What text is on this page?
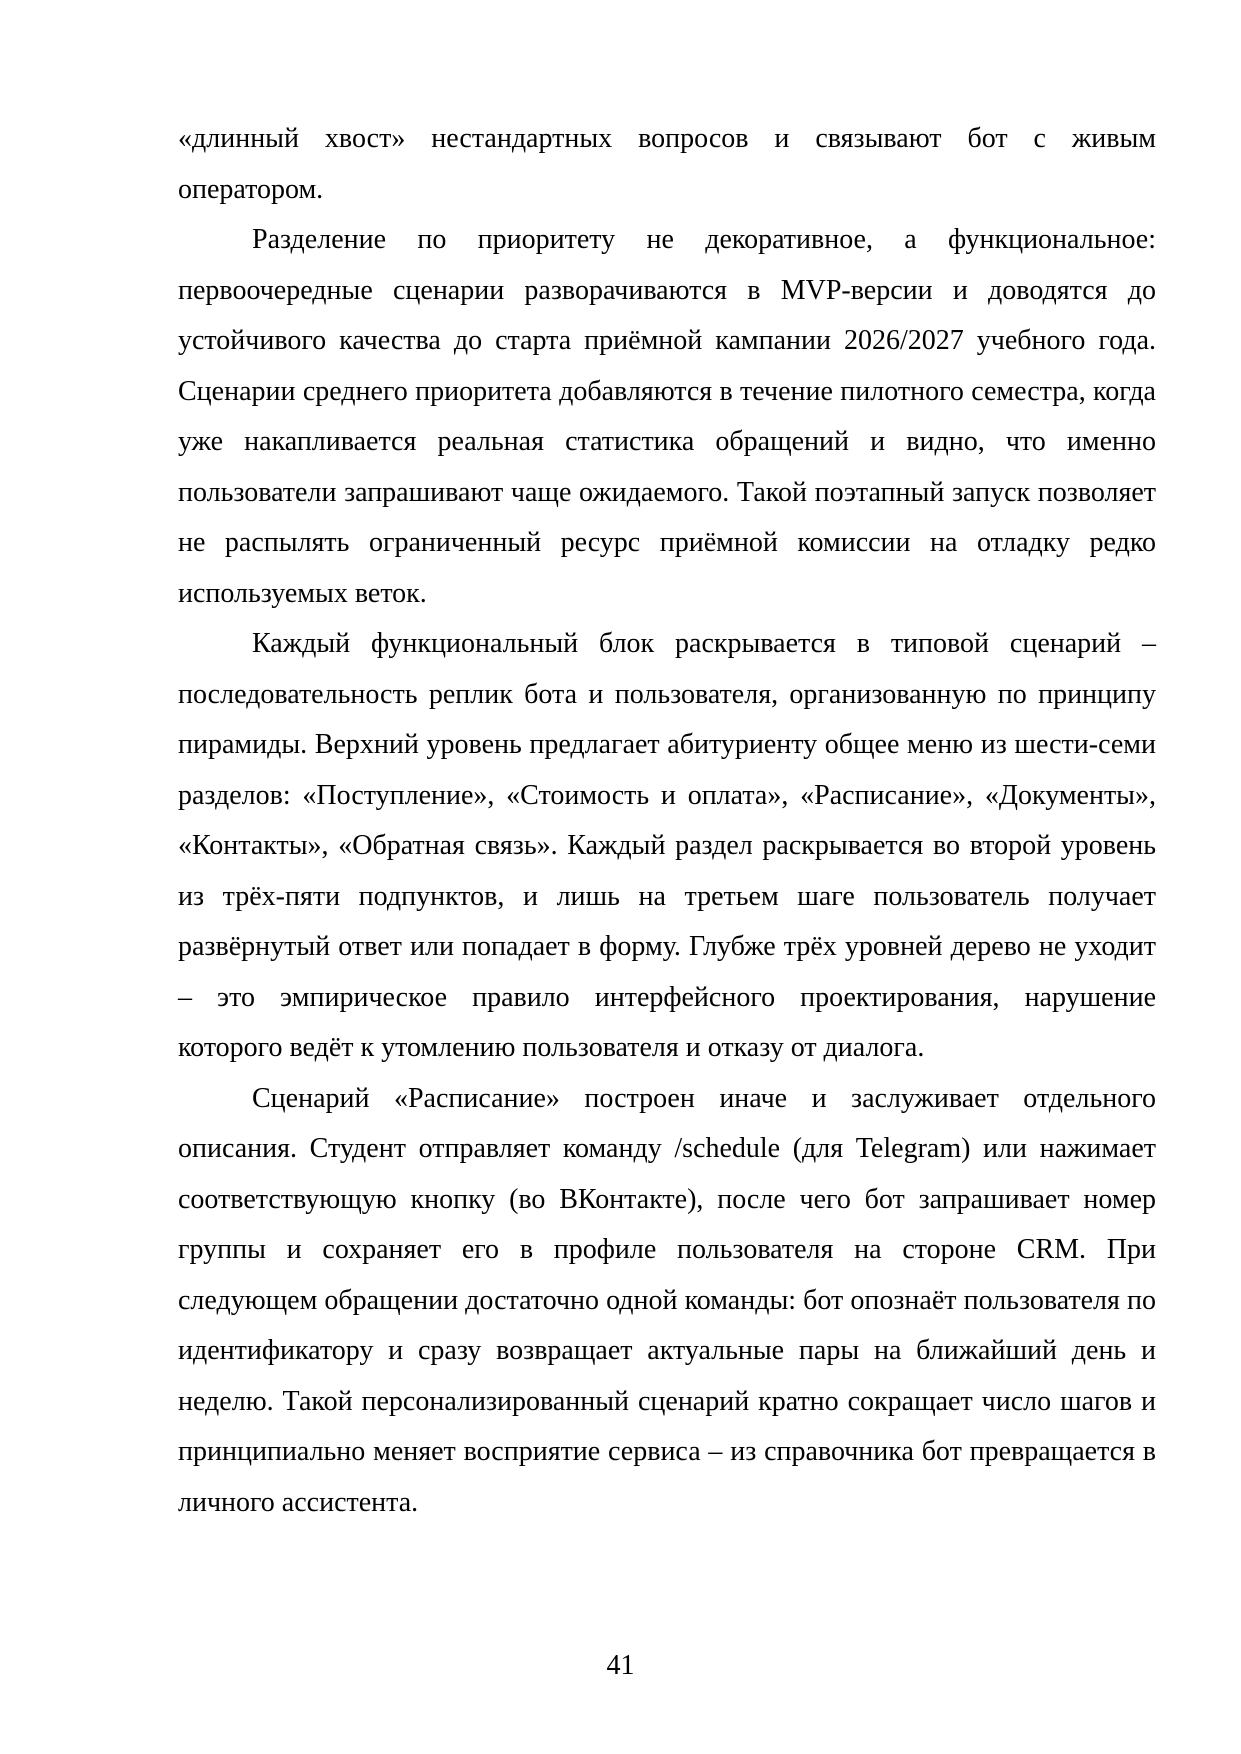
«длинный хвост» нестандартных вопросов и связывают бот с живым оператором.

Разделение по приоритету не декоративное, а функциональное: первоочередные сценарии разворачиваются в MVP-версии и доводятся до устойчивого качества до старта приёмной кампании 2026/2027 учебного года. Сценарии среднего приоритета добавляются в течение пилотного семестра, когда уже накапливается реальная статистика обращений и видно, что именно пользователи запрашивают чаще ожидаемого. Такой поэтапный запуск позволяет не распылять ограниченный ресурс приёмной комиссии на отладку редко используемых веток.

Каждый функциональный блок раскрывается в типовой сценарий – последовательность реплик бота и пользователя, организованную по принципу пирамиды. Верхний уровень предлагает абитуриенту общее меню из шести-семи разделов: «Поступление», «Стоимость и оплата», «Расписание», «Документы», «Контакты», «Обратная связь». Каждый раздел раскрывается во второй уровень из трёх-пяти подпунктов, и лишь на третьем шаге пользователь получает развёрнутый ответ или попадает в форму. Глубже трёх уровней дерево не уходит – это эмпирическое правило интерфейсного проектирования, нарушение которого ведёт к утомлению пользователя и отказу от диалога.

Сценарий «Расписание» построен иначе и заслуживает отдельного описания. Студент отправляет команду /schedule (для Telegram) или нажимает соответствующую кнопку (во ВКонтакте), после чего бот запрашивает номер группы и сохраняет его в профиле пользователя на стороне CRM. При следующем обращении достаточно одной команды: бот опознаёт пользователя по идентификатору и сразу возвращает актуальные пары на ближайший день и неделю. Такой персонализированный сценарий кратно сокращает число шагов и принципиально меняет восприятие сервиса – из справочника бот превращается в личного ассистента.

41
